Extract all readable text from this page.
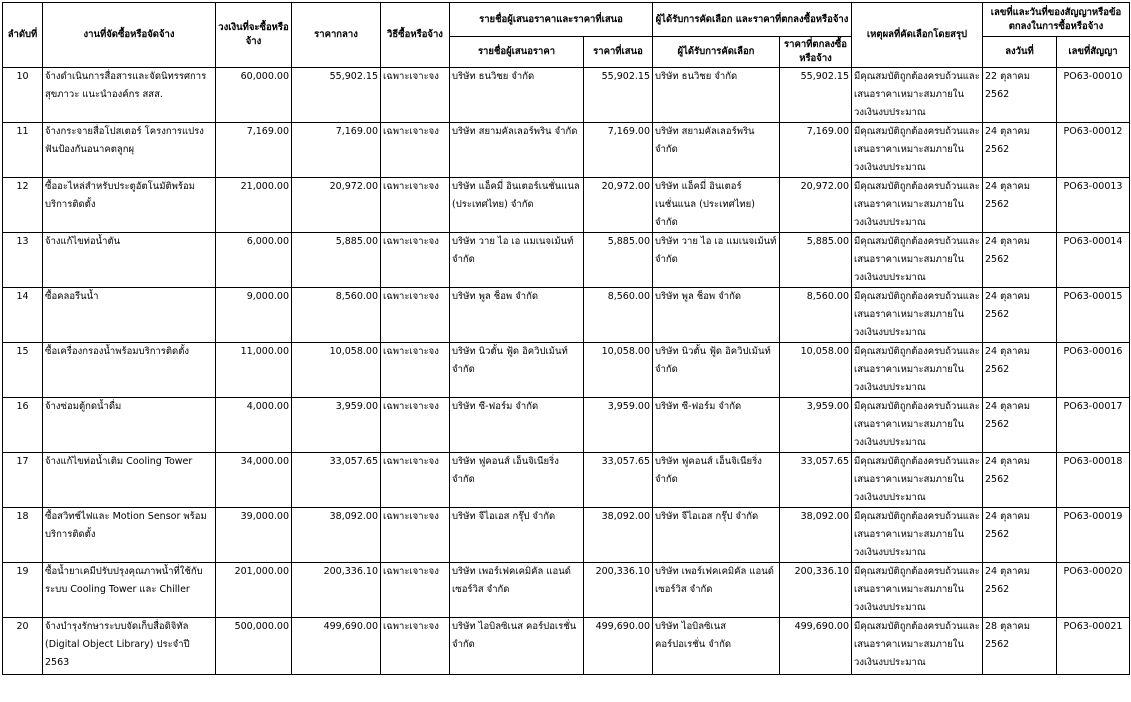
ลำดับที่	งานที่จัดซื้อหรือจัดจ้าง	วงเงินที่จะซื้อหรือจ้าง	ราคากลาง	วิธีซื้อหรือจ้าง	รายชื่อผู้เสนอราคาและราคาที่เสนอ		ผู้ได้รับการคัดเลือก และราคาที่ตกลงซื้อหรือจ้าง		เหตุผลที่คัดเลือกโดยสรุป	เลขที่และวันที่ของสัญญาหรือข้อตกลงในการซื้อหรือจ้าง	
					รายชื่อผู้เสนอราคา	ราคาที่เสนอ	ผู้ได้รับการคัดเลือก	ราคาที่ตกลงซื้อหรือจ้าง		ลงวันที่	เลขที่สัญญา
10	จ้างดำเนินการสื่อสารและจัดนิทรรศการสุขภาวะ แนะนำองค์กร สสส.	60,000.00	55,902.15	เฉพาะเจาะจง	บริษัท ธนวิชย จำกัด	55,902.15	บริษัท ธนวิชย จำกัด	55,902.15	มีคุณสมบัติถูกต้องครบถ้วนและเสนอราคาเหมาะสมภายในวงเงินงบประมาณ	22 ตุลาคม 2562	PO63-00010
11	จ้างกระจายสื่อโปสเตอร์ โครงการแปรงฟันป้องกันอนาคตลูกผุ	7,169.00	7,169.00	เฉพาะเจาะจง	บริษัท สยามคัลเลอร์พริน จำกัด	7,169.00	บริษัท สยามคัลเลอร์พริน จำกัด	7,169.00	มีคุณสมบัติถูกต้องครบถ้วนและเสนอราคาเหมาะสมภายในวงเงินงบประมาณ	24 ตุลาคม 2562	PO63-00012
12	ซื้ออะไหล่สำหรับประตูอัตโนมัติพร้อมบริการติดตั้ง	21,000.00	20,972.00	เฉพาะเจาะจง	บริษัท แอ็คมี่ อินเตอร์เนชั่นแนล (ประเทศไทย) จำกัด	20,972.00	บริษัท แอ็คมี่ อินเตอร์เนชั่นแนล (ประเทศไทย) จำกัด	20,972.00	มีคุณสมบัติถูกต้องครบถ้วนและเสนอราคาเหมาะสมภายในวงเงินงบประมาณ	24 ตุลาคม 2562	PO63-00013
13	จ้างแก้ไขท่อน้ำตัน	6,000.00	5,885.00	เฉพาะเจาะจง	บริษัท วาย ไอ เอ แมเนจเม้นท์ จำกัด	5,885.00	บริษัท วาย ไอ เอ แมเนจเม้นท์ จำกัด	5,885.00	มีคุณสมบัติถูกต้องครบถ้วนและเสนอราคาเหมาะสมภายในวงเงินงบประมาณ	24 ตุลาคม 2562	PO63-00014
14	ซื้อคลอรีนน้ำ	9,000.00	8,560.00	เฉพาะเจาะจง	บริษัท พูล ช็อพ จำกัด	8,560.00	บริษัท พูล ช็อพ จำกัด	8,560.00	มีคุณสมบัติถูกต้องครบถ้วนและเสนอราคาเหมาะสมภายในวงเงินงบประมาณ	24 ตุลาคม 2562	PO63-00015
15	ซื้อเครื่องกรองน้ำพร้อมบริการติดตั้ง	11,000.00	10,058.00	เฉพาะเจาะจง	บริษัท นิวตั้น ฟู้ด อิควิปเม้นท์ จำกัด	10,058.00	บริษัท นิวตั้น ฟู้ด อิควิปเม้นท์ จำกัด	10,058.00	มีคุณสมบัติถูกต้องครบถ้วนและเสนอราคาเหมาะสมภายในวงเงินงบประมาณ	24 ตุลาคม 2562	PO63-00016
16	จ้างซ่อมตู้กดน้ำดื่ม	4,000.00	3,959.00	เฉพาะเจาะจง	บริษัท ซี-ฟอร์ม จำกัด	3,959.00	บริษัท ซี-ฟอร์ม จำกัด	3,959.00	มีคุณสมบัติถูกต้องครบถ้วนและเสนอราคาเหมาะสมภายในวงเงินงบประมาณ	24 ตุลาคม 2562	PO63-00017
17	จ้างแก้ไขท่อน้ำเติม Cooling Tower	34,000.00	33,057.65	เฉพาะเจาะจง	บริษัท ฟูคอนส์ เอ็นจิเนียริ่ง จำกัด	33,057.65	บริษัท ฟูคอนส์ เอ็นจิเนียริ่ง จำกัด	33,057.65	มีคุณสมบัติถูกต้องครบถ้วนและเสนอราคาเหมาะสมภายในวงเงินงบประมาณ	24 ตุลาคม 2562	PO63-00018
18	ซื้อสวิทช์ไฟและ Motion Sensor พร้อมบริการติดตั้ง	39,000.00	38,092.00	เฉพาะเจาะจง	บริษัท จีไอเอส กรุ๊ป จำกัด	38,092.00	บริษัท จีไอเอส กรุ๊ป จำกัด	38,092.00	มีคุณสมบัติถูกต้องครบถ้วนและเสนอราคาเหมาะสมภายในวงเงินงบประมาณ	24 ตุลาคม 2562	PO63-00019
19	ซื้อน้ำยาเคมีปรับปรุงคุณภาพน้ำที่ใช้กับระบบ Cooling Tower และ Chiller	201,000.00	200,336.10	เฉพาะเจาะจง	บริษัท เพอร์เฟคเคมิคัล แอนด์ เซอร์วิส จำกัด	200,336.10	บริษัท เพอร์เฟคเคมิคัล แอนด์ เซอร์วิส จำกัด	200,336.10	มีคุณสมบัติถูกต้องครบถ้วนและเสนอราคาเหมาะสมภายในวงเงินงบประมาณ	24 ตุลาคม 2562	PO63-00020
20	จ้างบำรุงรักษาระบบจัดเก็บสื่อดิจิทัล (Digital Object Library) ประจำปี 2563	500,000.00	499,690.00	เฉพาะเจาะจง	บริษัท ไอบิลซิเนส คอร์ปอเรชั่น จำกัด	499,690.00	บริษัท ไอบิลซิเนส คอร์ปอเรชั่น จำกัด	499,690.00	มีคุณสมบัติถูกต้องครบถ้วนและเสนอราคาเหมาะสมภายในวงเงินงบประมาณ	28 ตุลาคม 2562	PO63-00021
